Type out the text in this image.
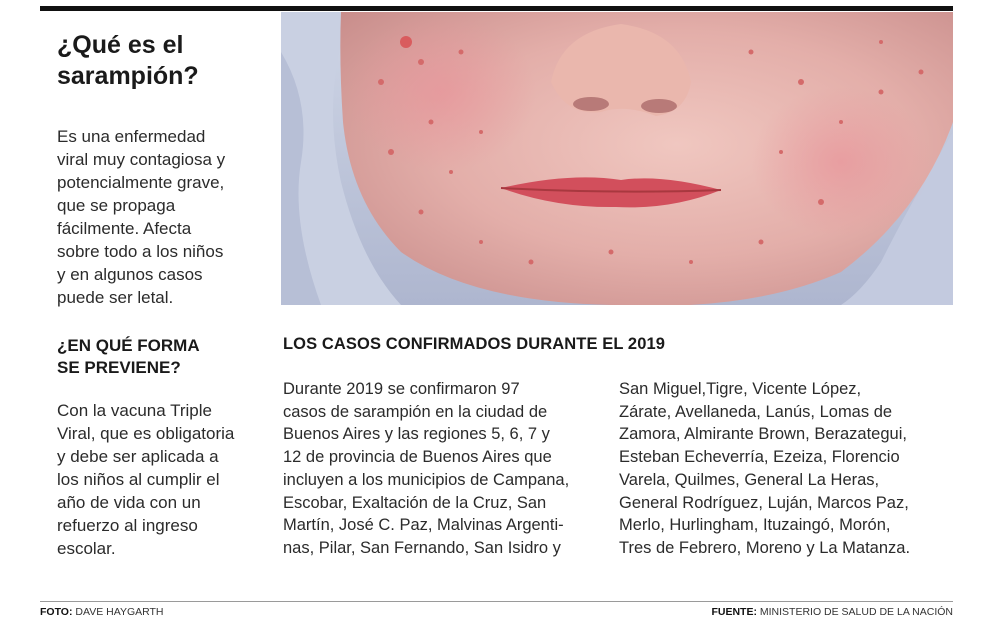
¿Qué es el
sarampión?
Es una enfermedad
viral muy contagiosa y
potencialmente grave,
que se propaga
fácilmente. Afecta
sobre todo a los niños
y en algunos casos
puede ser letal.
¿EN QUÉ FORMA
SE PREVIENE?
Con la vacuna Triple
Viral, que es obligatoria
y debe ser aplicada a
los niños al cumplir el
año de vida con un
refuerzo al ingreso
escolar.
LOS CASOS CONFIRMADOS DURANTE EL 2019
Durante 2019 se confirmaron 97
casos de sarampión en la ciudad de
Buenos Aires y las regiones 5, 6, 7 y
12 de provincia de Buenos Aires que
incluyen a los municipios de Campana,
Escobar, Exaltación de la Cruz, San
Martín, José C. Paz, Malvinas Argenti-
nas, Pilar, San Fernando, San Isidro y
San Miguel,Tigre, Vicente López,
Zárate, Avellaneda, Lanús, Lomas de
Zamora, Almirante Brown, Berazategui,
Esteban Echeverría, Ezeiza, Florencio
Varela, Quilmes, General La Heras,
General Rodríguez, Luján, Marcos Paz,
Merlo, Hurlingham, Ituzaingó, Morón,
Tres de Febrero, Moreno y La Matanza.
FOTO: DAVE HAYGARTH	FUENTE: MINISTERIO DE SALUD DE LA NACIÓN
